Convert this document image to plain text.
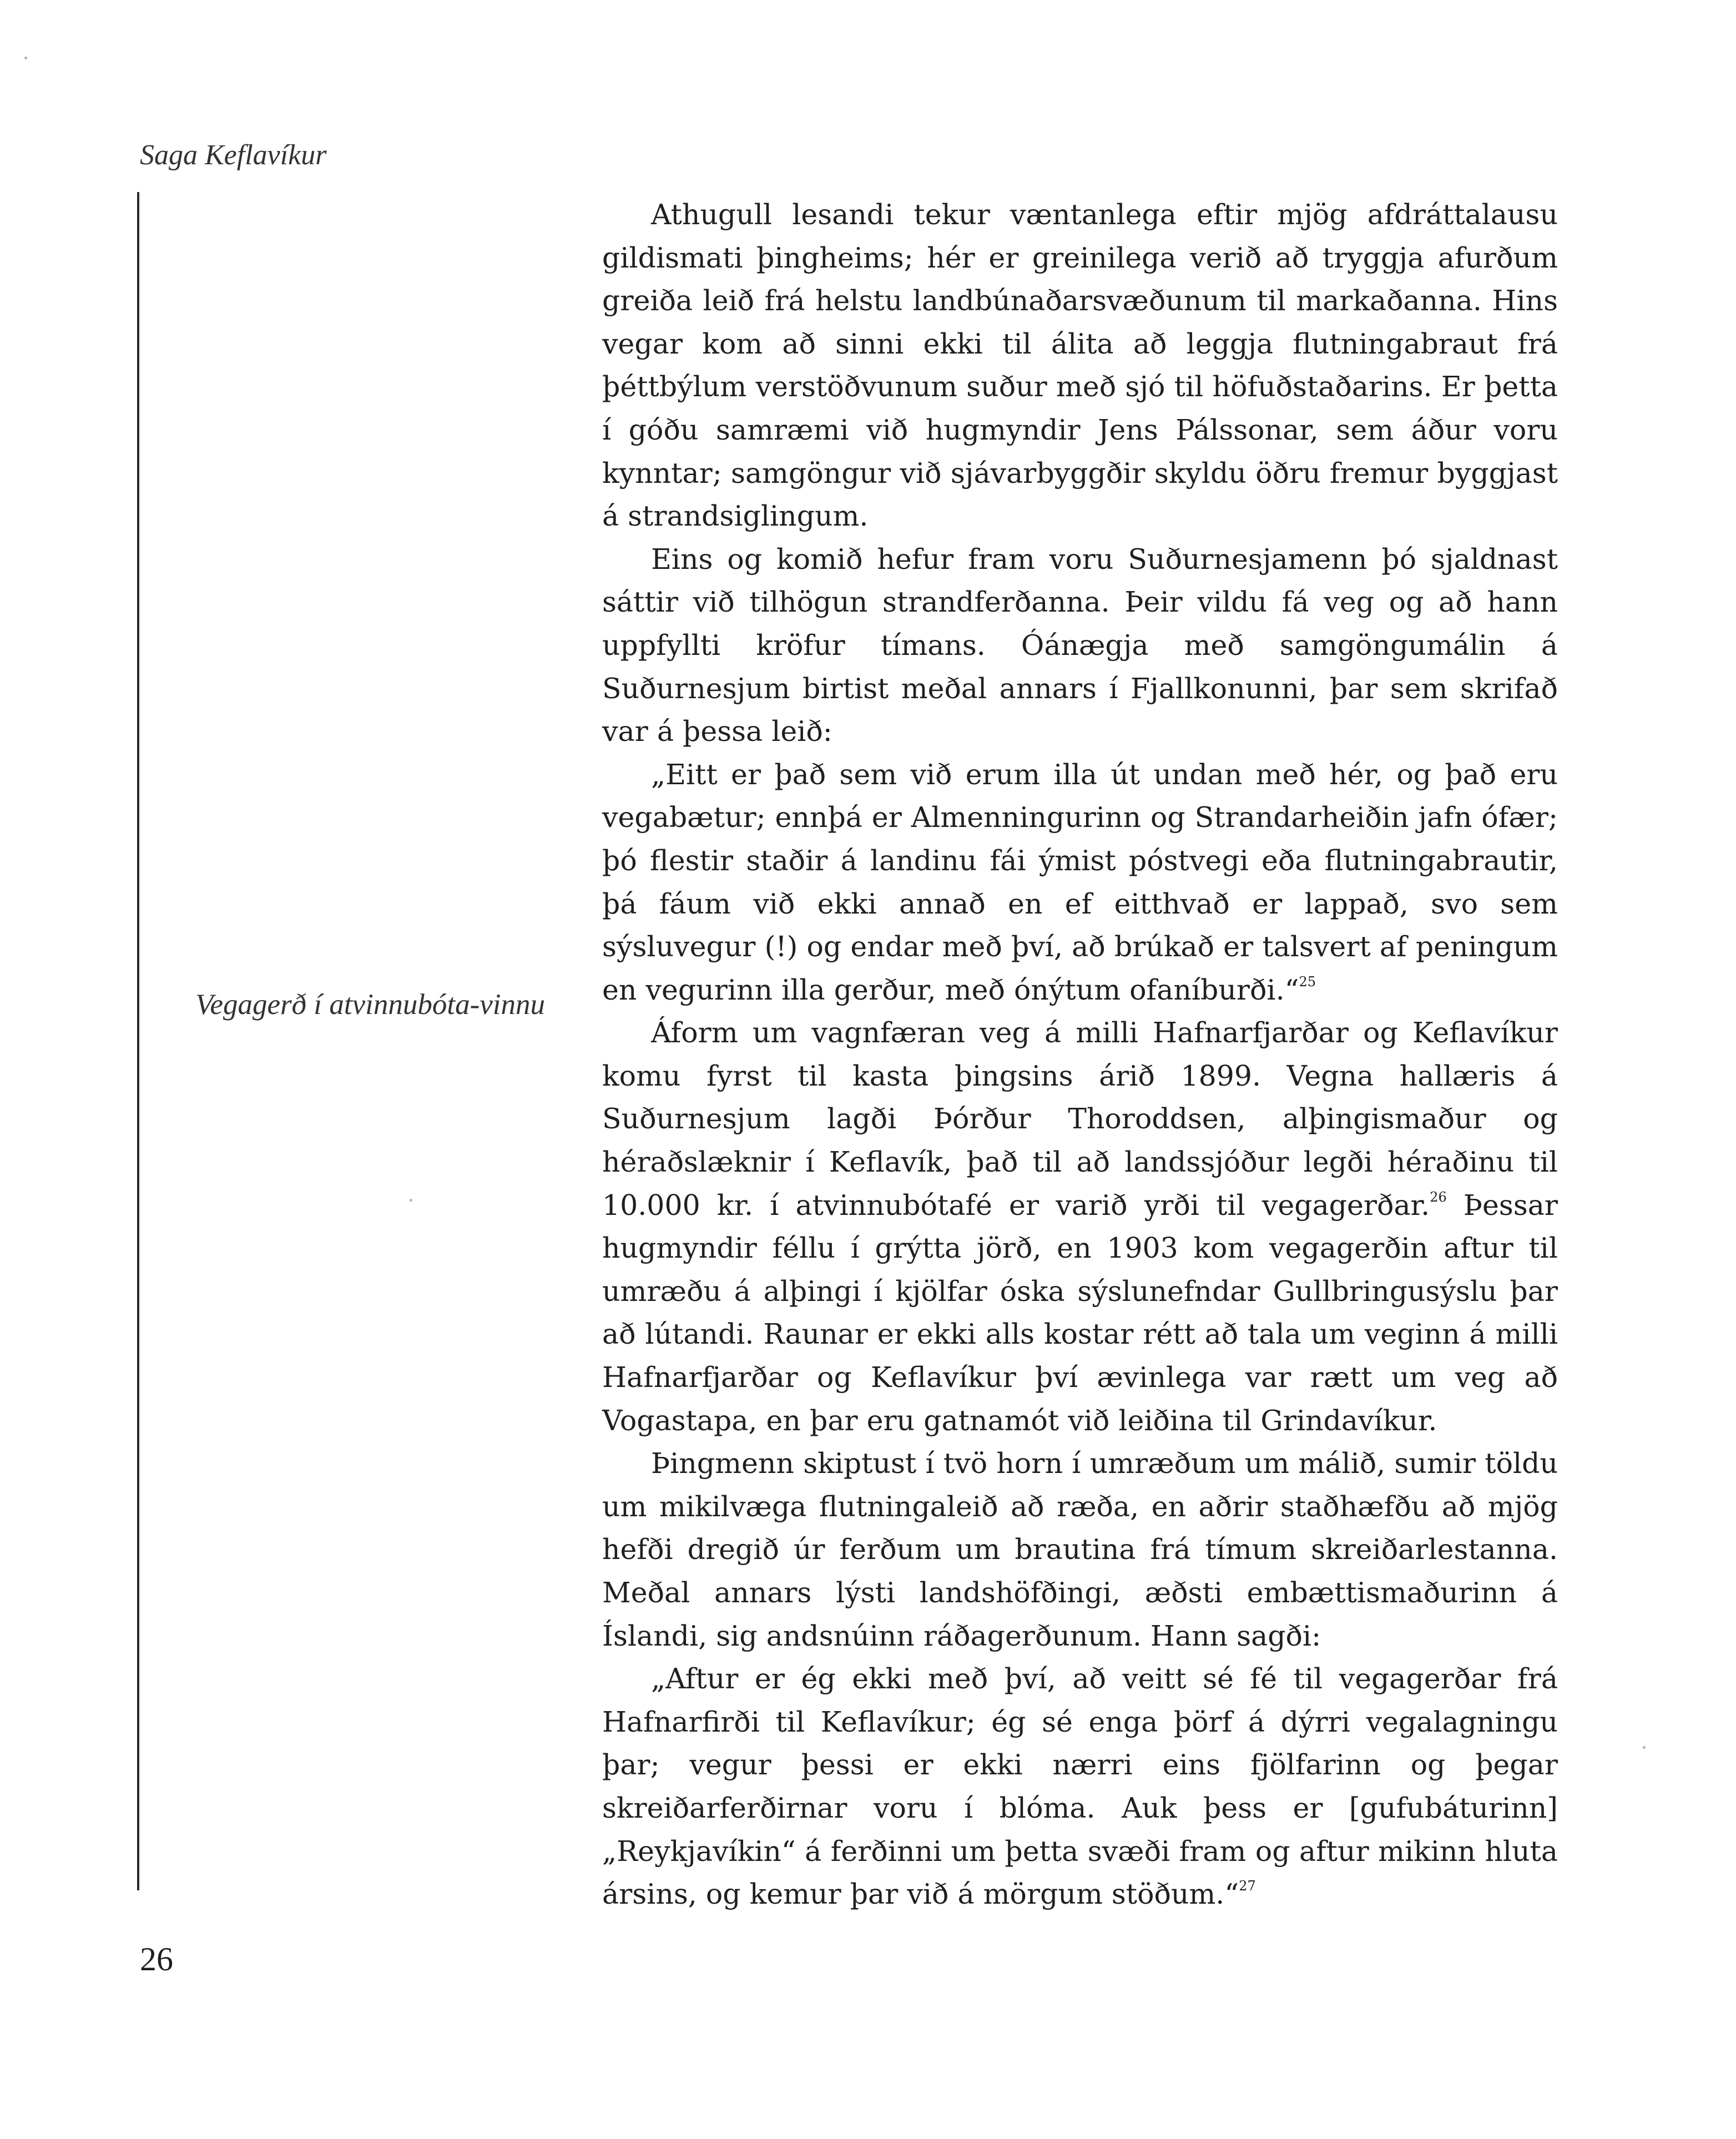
Saga Keflavíkur
Vegagerð í atvinnubóta-vinnu

Athugull lesandi tekur væntanlega eftir mjög afdráttalausu gildismati þingheims; hér er greinilega verið að tryggja afurðum greiða leið frá helstu landbúnaðarsvæðunum til markaðanna. Hins vegar kom að sinni ekki til álita að leggja flutningabraut frá þéttbýlum verstöðvunum suður með sjó til höfuðstaðarins. Er þetta í góðu samræmi við hugmyndir Jens Pálssonar, sem áður voru kynntar; samgöngur við sjávarbyggðir skyldu öðru fremur byggjast á strandsiglingum.

Eins og komið hefur fram voru Suðurnesjamenn þó sjaldnast sáttir við tilhögun strandferðanna. Þeir vildu fá veg og að hann uppfyllti kröfur tímans. Óánægja með samgöngumálin á Suðurnesjum birtist meðal annars í Fjallkonunni, þar sem skrifað var á þessa leið:

„Eitt er það sem við erum illa út undan með hér, og það eru vegabætur; ennþá er Almenningurinn og Strandarheiðin jafn ófær; þó flestir staðir á landinu fái ýmist póstvegi eða flutningabrautir, þá fáum við ekki annað en ef eitthvað er lappað, svo sem sýsluvegur (!) og endar með því, að brúkað er talsvert af peningum en vegurinn illa gerður, með ónýtum ofaníburði.“$^{25}$

Áform um vagnfæran veg á milli Hafnarfjarðar og Keflavíkur komu fyrst til kasta þingsins árið 1899. Vegna hallæris á Suðurnesjum lagði Þórður Thoroddsen, alþingismaður og héraðslæknir í Keflavík, það til að landssjóður legði héraðinu til 10.000 kr. í atvinnubótafé er varið yrði til vegagerðar.$^{26}$ Þessar hugmyndir féllu í grýtta jörð, en 1903 kom vegagerðin aftur til umræðu á alþingi í kjölfar óska sýslunefndar Gullbringusýslu þar að lútandi. Raunar er ekki alls kostar rétt að tala um veginn á milli Hafnarfjarðar og Keflavíkur því ævinlega var rætt um veg að Vogastapa, en þar eru gatnamót við leiðina til Grindavíkur.

Þingmenn skiptust í tvö horn í umræðum um málið, sumir töldu um mikilvæga flutningaleið að ræða, en aðrir staðhæfðu að mjög hefði dregið úr ferðum um brautina frá tímum skreiðarlestanna. Meðal annars lýsti landshöfðingi, æðsti embættismaðurinn á Íslandi, sig andsnúinn ráðagerðunum. Hann sagði:

„Aftur er ég ekki með því, að veitt sé fé til vegagerðar frá Hafnarfirði til Keflavíkur; ég sé enga þörf á dýrri vegalagningu þar; vegur þessi er ekki nærri eins fjölfarinn og þegar skreiðarferðirnar voru í blóma. Auk þess er [gufubáturinn] „Reykjavíkin“ á ferðinni um þetta svæði fram og aftur mikinn hluta ársins, og kemur þar við á mörgum stöðum.“$^{27}$

26
